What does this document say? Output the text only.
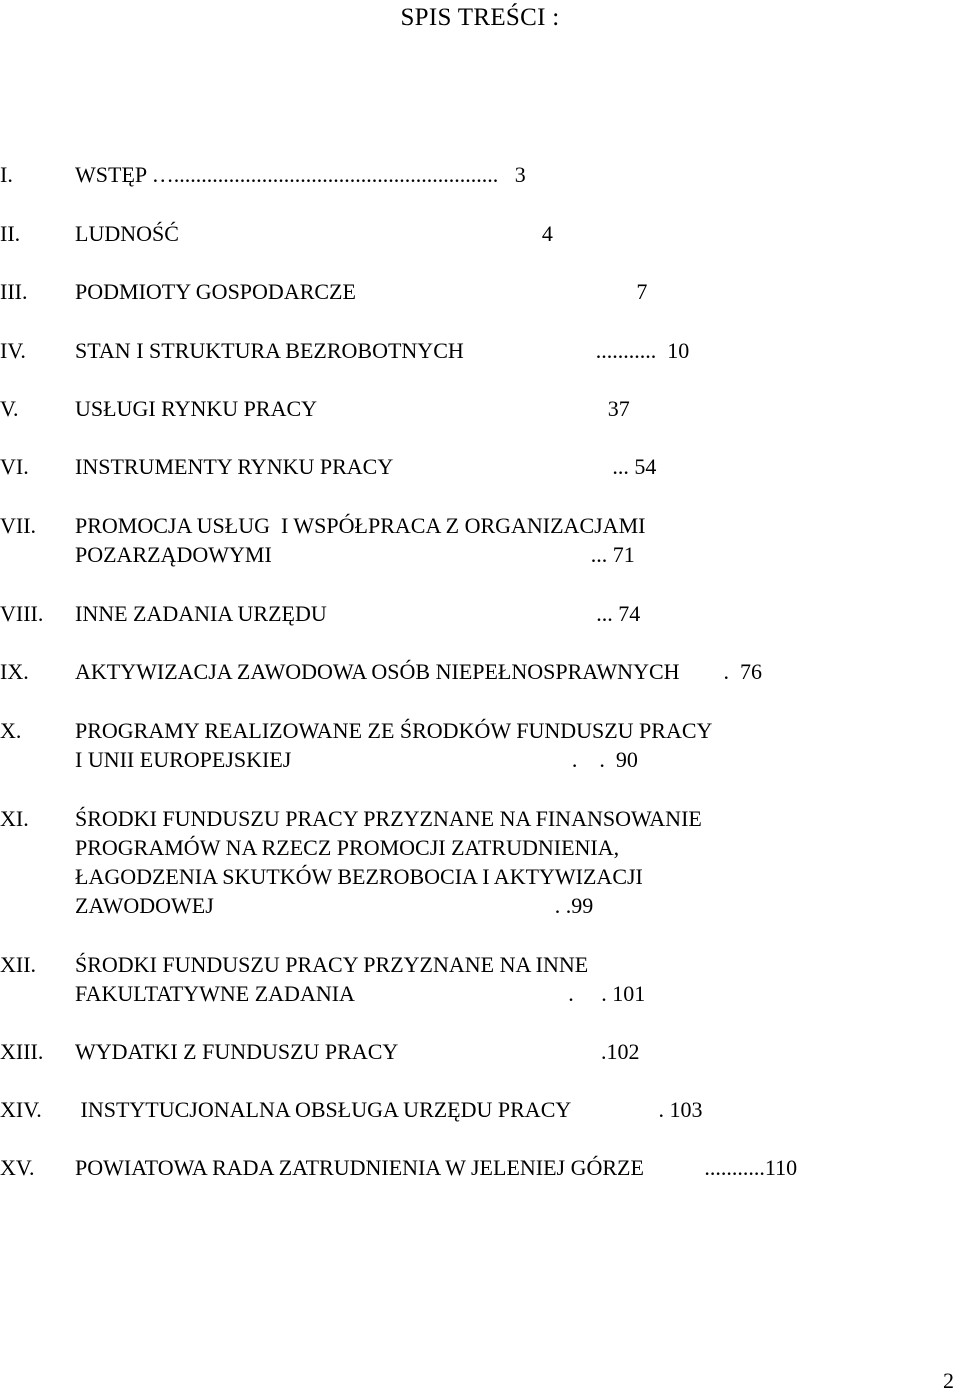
SPIS TREŚCI :
I.	WSTĘP …...........................................................   3
II. LUDNOŚĆ                                                                  4
III. PODMIOTY GOSPODARCZE                                                   7
IV. STAN I STRUKTURA BEZROBOTNYCH                        ...........  10
V.	USŁUGI RYNKU PRACY                                                     37
VI. INSTRUMENTY RYNKU PRACY                                        ... 54
VII. PROMOCJA USŁUG  I WSPÓŁPRACA Z ORGANIZACJAMI
POZARZĄDOWYMI                                                          ... 71
VIII. INNE ZADANIA URZĘDU                                                 ... 74
IX. AKTYWIZACJA ZAWODOWA OSÓB NIEPEŁNOSPRAWNYCH        .  76
X. PROGRAMY REALIZOWANE ZE ŚRODKÓW FUNDUSZU PRACY
I UNII EUROPEJSKIEJ                                                   .    .  90
XI. ŚRODKI FUNDUSZU PRACY PRZYZNANE NA FINANSOWANIE
PROGRAMÓW NA RZECZ PROMOCJI ZATRUDNIENIA,
ŁAGODZENIA SKUTKÓW BEZROBOCIA I AKTYWIZACJI
ZAWODOWEJ                                                              . .99
XII. ŚRODKI FUNDUSZU PRACY PRZYZNANE NA INNE
FAKULTATYWNE ZADANIA                                       .     . 101
XIII. WYDATKI Z FUNDUSZU PRACY                                     .102
XIV. INSTYTUCJONALNA OBSŁUGA URZĘDU PRACY                . 103
XV. POWIATOWA RADA ZATRUDNIENIA W JELENIEJ GÓRZE           ...........110
2
